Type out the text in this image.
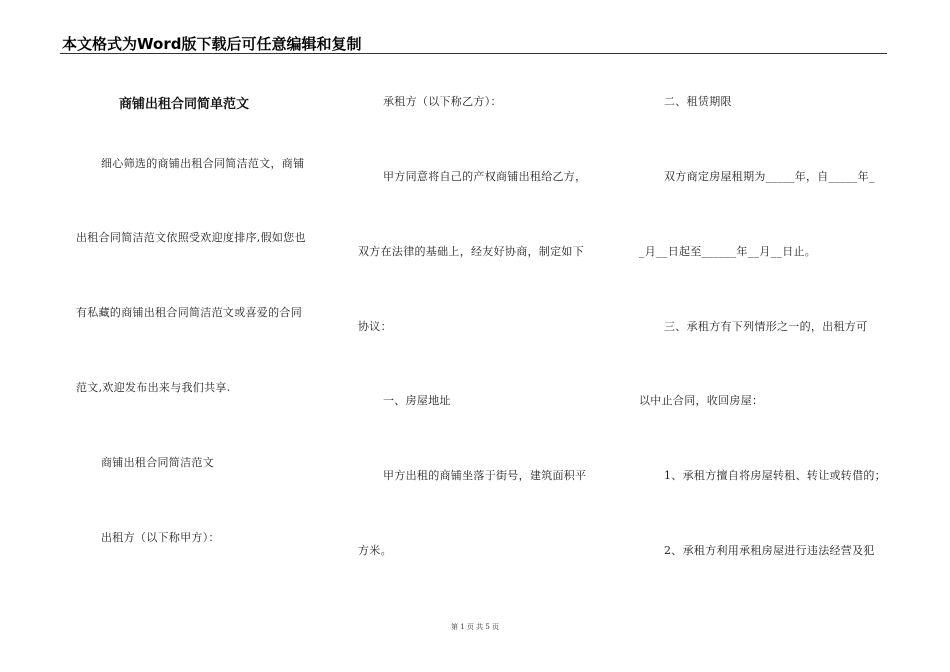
本文格式为Word版下载后可任意编辑和复制
商铺出租合同简单范文
细心筛选的商铺出租合同简洁范文，商铺
出租合同简洁范文依照受欢迎度排序,假如您也
有私藏的商铺出租合同简洁范文或喜爱的合同
范文,欢迎发布出来与我们共享.
商铺出租合同简洁范文
出租方（以下称甲方）：
承租方（以下称乙方）：
甲方同意将自己的产权商铺出租给乙方，
双方在法律的基础上，经友好协商，制定如下
协议：
一、房屋地址
甲方出租的商铺坐落于街号，建筑面积平
方米。
二、租赁期限
双方商定房屋租期为_____年，自_____年_
_月__日起至______年__月__日止。
三、承租方有下列情形之一的，出租方可
以中止合同，收回房屋：
1、承租方擅自将房屋转租、转让或转借的；
2、承租方利用承租房屋进行违法经营及犯
第 1 页 共 5 页
